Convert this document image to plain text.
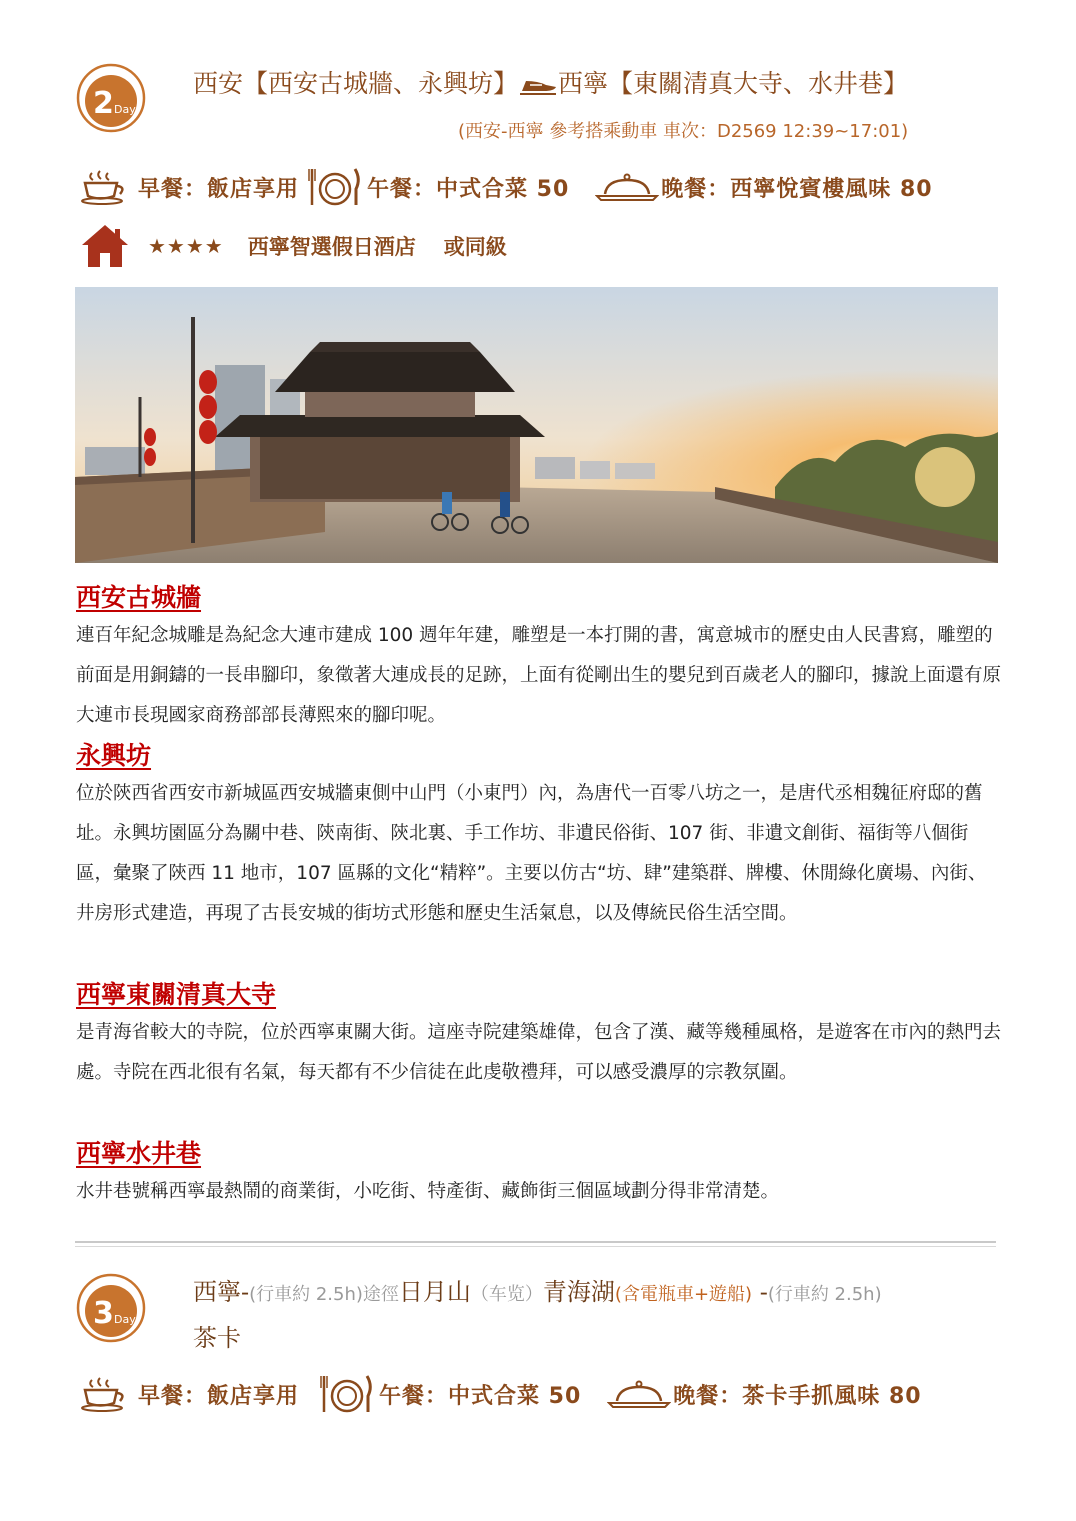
2 Day
西安【西安古城牆、永興坊】 西寧【東關清真大寺、水井巷】
(西安-西寧 參考搭乘動車 車次：D2569 12:39~17:01)
早餐：飯店享用	午餐：中式合菜 50	晚餐：西寧悅賓樓風味 80
★★★★ 西寧智選假日酒店 或同級
西安古城牆
連百年紀念城雕是為紀念大連市建成 100 週年年建，雕塑是一本打開的書，寓意城市的歷史由人民書寫，雕塑的前面是用銅鑄的一長串腳印，象徵著大連成長的足跡，上面有從剛出生的嬰兒到百歲老人的腳印，據說上面還有原大連市長現國家商務部部長薄熙來的腳印呢。
永興坊
位於陝西省西安市新城區西安城牆東側中山門（小東門）內，為唐代一百零八坊之一，是唐代丞相魏征府邸的舊址。永興坊園區分為關中巷、陝南街、陝北裏、手工作坊、非遺民俗街、107 街、非遺文創街、福街等八個街區，彙聚了陝西 11 地市，107 區縣的文化“精粹”。主要以仿古“坊、肆”建築群、牌樓、休閒綠化廣場、內街、井房形式建造，再現了古長安城的街坊式形態和歷史生活氣息，以及傳統民俗生活空間。
西寧東關清真大寺
是青海省較大的寺院，位於西寧東關大街。這座寺院建築雄偉，包含了漢、藏等幾種風格，是遊客在市內的熱門去處。寺院在西北很有名氣，每天都有不少信徒在此虔敬禮拜，可以感受濃厚的宗教氛圍。
西寧水井巷
水井巷號稱西寧最熱鬧的商業街，小吃街、特產街、藏飾街三個區域劃分得非常清楚。
3 Day
西寧-(行車約 2.5h)途徑日月山（车览）青海湖(含電瓶車+遊船) -(行車約 2.5h)
茶卡
早餐：飯店享用	午餐：中式合菜 50	晚餐：茶卡手抓風味 80
